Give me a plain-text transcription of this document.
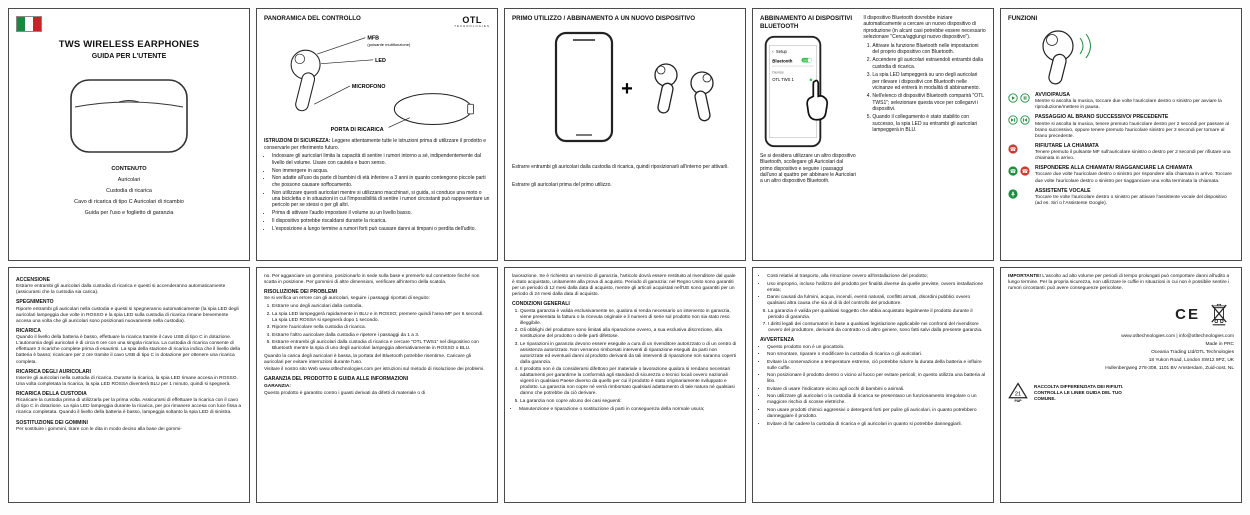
TWS WIRELESS EARPHONES
GUIDA PER L'UTENTE

CONTENUTO

Auricolari

Custodia di ricarica

Cavo di ricarica di tipo C Auricolari di ricambio

Guida per l'uso e foglietto di garanzia

PANORAMICA DEL CONTROLLO	OTL
TECHNOLOGIES
MFB
(pulsante multifunzione)
LED
MICROFONO
PORTA DI RICARICA

ISTRUZIONI DI SICUREZZA: Leggere attentamente tutte le istruzioni prima di utilizzare il prodotto e conservarle per riferimento futuro.

• Indossare gli auricolari limita la capacità di sentire i rumori intorno a sé, indipendentemente dal livello del volume. Usare con cautela e buon senso.
• Non immergere in acqua.
• Non adatte all'uso da parte di bambini di età inferiore a 3 anni in quanto contengono piccole parti che possono causare soffocamento.
• Non utilizzare questi auricolari mentre si utilizzano macchinari, si guida, si conduce una moto o una bicicletta o in situazioni in cui l'impossibilità di sentire i rumori circostanti può rappresentare un pericolo per se stessi o per gli altri.
• Prima di attivare l'audio impostare il volume su un livello basso.
• Il dispositivo potrebbe riscaldarsi durante la ricarica.
• L'esposizione a lungo termine a rumori forti può causare danni ai timpani o perdita dell'udito.
PRIMO UTILIZZO / ABBINAMENTO A UN NUOVO DISPOSITIVO
+

Estrarre entrambi gli auricolari dalla custodia di ricarica, quindi riposizionarli all'interno per attivarli.

Estrarre gli auricolari prima del primo utilizzo.

ABBINAMENTO AI DISPOSITIVI BLUETOOTH
‹ Setup
Bluetooth	ON
Device
OTL TWS 1

Se si desidera utilizzare un altro dispositivo Bluetooth, scollegare gli Auricolari dal primo dispositivo e seguire i passaggi dall'uno al quattro per abbinare le Auricolari a un altro dispositivo Bluetooth.

Il dispositivo Bluetooth dovrebbe iniziare automaticamente a cercare un nuovo dispositivo di riproduzione (in alcuni casi potrebbe essere necessario selezionare "Cerca/aggiungi nuovo dispositivo").

1. Attivare la funzione Bluetooth nelle impostazioni del proprio dispositivo con Bluetooth.
2. Accendere gli auricolari estraendoli entrambi dalla custodia di ricarica.
3. La spia LED lampeggerà su uno degli auricolari per rilevare i dispositivi con Bluetooth nelle vicinanze ed entrerà in modalità di abbinamento.
4. Nell'elenco di dispositivi Bluetooth comparirà "OTL TWS1"; selezionare questa voce per collegarvi i dispositivi.
5. Quando il collegamento è stato stabilito con successo, la spia LED su entrambi gli auricolari lampeggerà in BLU.
FUNZIONI

AVVIO/PAUSA

Mentre si ascolta la musica, toccare due volte l'auricolare destro o sinistro per avviare la riproduzione/mettere in pausa.

PASSAGGIO AL BRANO SUCCESSIVO/ PRECEDENTE

Mentre si ascolta la musica, tenere premuto l'auricolare destro per 2 secondi per passare al brano successivo, oppure tenere premuto l'auricolare sinistro per 2 secondi per tornare al brano precedente.

☎

RIFIUTARE LA CHIAMATA

Tenere premuto il pulsante MF sull'auricolare sinistro o destro per 2 secondi per rifiutare una chiamata in arrivo.

☎ ☎

RISPONDERE ALLA CHIAMATA/ RIAGGANCIARE LA CHIAMATA

Toccare due volte l'auricolare destro o sinistro per rispondere alla chiamata in arrivo. Toccare due volte l'auricolare destro o sinistro per riagganciare una volta terminata la chiamata.

ASSISTENTE VOCALE

Toccare tre volte l'auricolare destro o sinistro per attivare l'assistente vocale del dispositivo (ad es. Siri o l'Assistente Google).

ACCENSIONE

Estrarre entrambi gli auricolari dalla custodia di ricarica e questi si accenderanno automaticamente (assicurarsi che la custodia sia carica).

SPEGNIMENTO

Riporre entrambi gli auricolari nella custodia e questi si spegneranno automaticamente (la spia LED degli auricolari lampeggia due volte in ROSSO e la spia LED sulla custodia di ricarica rimane brevemente accesa una volta che gli auricolari sono posizionati nuovamente nella custodia).

RICARICA

Quando il livello della batteria è basso, effettuare la ricarica tramite il cavo USB di tipo C in dotazione. L'autonomia degli auricolari è di circa 6 ore con una singola ricarica. La custodia di ricarica consente di effettuare 3 ricariche complete prima di esaurirsi. La spia della stazione di ricarica indica che il livello della batteria è basso; ricaricare per 2 ore tramite il cavo USB di tipo C in dotazione per ottenere una ricarica completa.

RICARICA DEGLI AURICOLARI

Inserire gli auricolari nella custodia di ricarica. Durante la ricarica, la spia LED rimane accesa in ROSSO. Una volta completata la ricarica, la spia LED ROSSA diventerà BLU per 1 minuto, quindi si spegnerà.

RICARICA DELLA CUSTODIA

Ricaricare la custodia prima di utilizzarla per la prima volta. Assicurarsi di effettuare la ricarica con il cavo di tipo C in dotazione. La spia LED lampeggia durante la ricarica, per poi rimanere accesa con luce fissa a ricarica completata. Quando il livello della batteria è basso, lampeggia soltanto la spia LED di sinistra.

SOSTITUZIONE DEI GOMMINI

Per sostituire i gommini, tirare con le dita in modo deciso alla base dei gommi-

no. Per agganciare un gommino, posizionarlo in sede sulla base e premerlo sul connettore finché non scatta in posizione. Per gommini di altre dimensioni, verificare all'interno della scatola.

RISOLUZIONE DEI PROBLEMI

Se si verifica un errore con gli auricolari, seguire i passaggi riportati di seguito:

1. Estrarre uno degli auricolari dalla custodia.
2. La spia LED lampeggerà rapidamente in BLU e in ROSSO; premere quindi l'area MF per 6 secondi. La spia LED ROSSA si spegnerà dopo 1 secondo.
3. Riporre l'auricolare nella custodia di ricarica.
4. Estrarre l'altro auricolare dalla custodia e ripetere i passaggi da 1 a 3.
5. Estrarre entrambi gli auricolari dalla custodia di ricarica e cercare "OTL TWS1" nel dispositivo con Bluetooth mentre la spia di uno degli auricolari lampeggia alternativamente in ROSSO o BLU.

Quando la carica degli auricolari è bassa, la portata del Bluetooth potrebbe risentirne. Caricare gli auricolari per evitare interruzioni durante l'uso.

Visitare il nostro sito Web www.otltechnologies.com per istruzioni sul metodo di risoluzione dei problemi.

GARANZIA DEL PRODOTTO E GUIDA ALLE INFORMAZIONI

GARANZIA:

Questo prodotto è garantito contro i guasti derivati da difetti di materiale o di

lavorazione. Se è richiesto un servizio di garanzia, l'articolo dovrà essere restituito al rivenditore dal quale è stato acquistato, unitamente alla prova di acquisto. Periodo di garanzia: nel Regno Unito sono garantiti per un periodo di 12 mesi dalla data di acquisto, mentre gli articoli acquistati nell'UE sono garantiti per un periodo di 24 mesi dalla data di acquisto.

CONDIZIONI GENERALI
1. Questa garanzia è valida esclusivamente se, qualora si renda necessario un intervento in garanzia, viene presentata la fattura o la ricevuta originale e il numero di serie sul prodotto non sia stato reso illeggibile.
2. Gli obblighi del produttore sono limitati alla riparazione ovvero, a sua esclusiva discrezione, alla sostituzione del prodotto o delle parti difettose.
3. Le riparazioni in garanzia devono essere eseguite a cura di un rivenditore autorizzato o di un centro di assistenza autorizzato. Non verranno rimborsati interventi di riparazione eseguiti da parti non autorizzate ed eventuali danni al prodotto derivanti da tali interventi di riparazione non saranno coperti dalla garanzia.
4. Il prodotto non è da considerarsi difettoso per materiale o lavorazione qualora si rendano necessari adattamenti per garantirne la conformità agli standard di sicurezza o tecnici locali ovvero nazionali vigenti in qualsiasi Paese diverso da quello per cui il prodotto è stato originariamente sviluppato e prodotto. La garanzia non copre né verrà rimborsato qualsiasi adattamento di tale natura né qualsiasi danno che potrebbe da ciò derivare.
5. La garanzia non copre alcuno dei casi seguenti:
• Manutenzione e riparazione o sostituzione di parti in conseguenza della normale usura;
• Costi relativi al trasporto, alla rimozione ovvero all'installazione del prodotto;
• Uso improprio, incluso l'utilizzo del prodotto per finalità diverse da quelle previste, ovvero installazione errata;
• Danni causati da fulmini, acqua, incendi, eventi naturali, conflitti armati, disordini pubblici ovvero qualsiasi altra causa che sia al di là del controllo del produttore.
6. La garanzia è valida per qualsiasi soggetto che abbia acquistato legalmente il prodotto durante il periodo di garanzia.
7. I diritti legali dei consumatori in base a qualsiasi legislazione applicabile nei confronti del rivenditore ovvero del produttore, derivanti da contratto o di altro genere, sono fatti salvi dalla presente garanzia.
AVVERTENZA
• Questo prodotto non è un giocattolo.
• Non smontare, riparare o modificare la custodia di ricarica o gli auricolari.
• Evitare la conservazione a temperature estreme, ciò potrebbe ridurre la durata della batteria e influire sulle cuffie.
• Non posizionare il prodotto dentro o vicino al fuoco per evitare pericoli; in questo utilizza una batteria al litio.
• Evitare di usare l'indicatore vicino agli occhi di bambini o animali.
• Non utilizzare gli auricolari o la custodia di ricarica se presentano un funzionamento irregolare o un maggiore rischio di scosse elettriche.
• Non usare prodotti chimici aggressivi o detergenti forti per pulire gli auricolari, in quanto potrebbero danneggiare il prodotto.
• Evitare di far cadere la custodia di ricarica e gli auricolari in quanto si potrebbe danneggiarli.

IMPORTANTE! L'ascolto ad alto volume per periodi di tempo prolungati può comportare danni all'udito a lungo termine. Per la propria sicurezza, non utilizzare le cuffie in situazioni in cui non è possibile sentire i rumori circostanti: può avere conseguenze pericolose.

CE

www.otltechnologies.com | info@otltechnologies.com

Made in PRC

Oceania Trading Ltd/OTL Technologies

18 Yukon Road, London SW12 9PZ, UK

Hullenbergweg 278-308, 1101 BV Amsterdam, Zuid-oost, NL

21
PAP
RACCOLTA DIFFERENZIATA DEI RIFIUTI. CONTROLLA LE LINEE GUIDA DEL TUO COMUNE.
